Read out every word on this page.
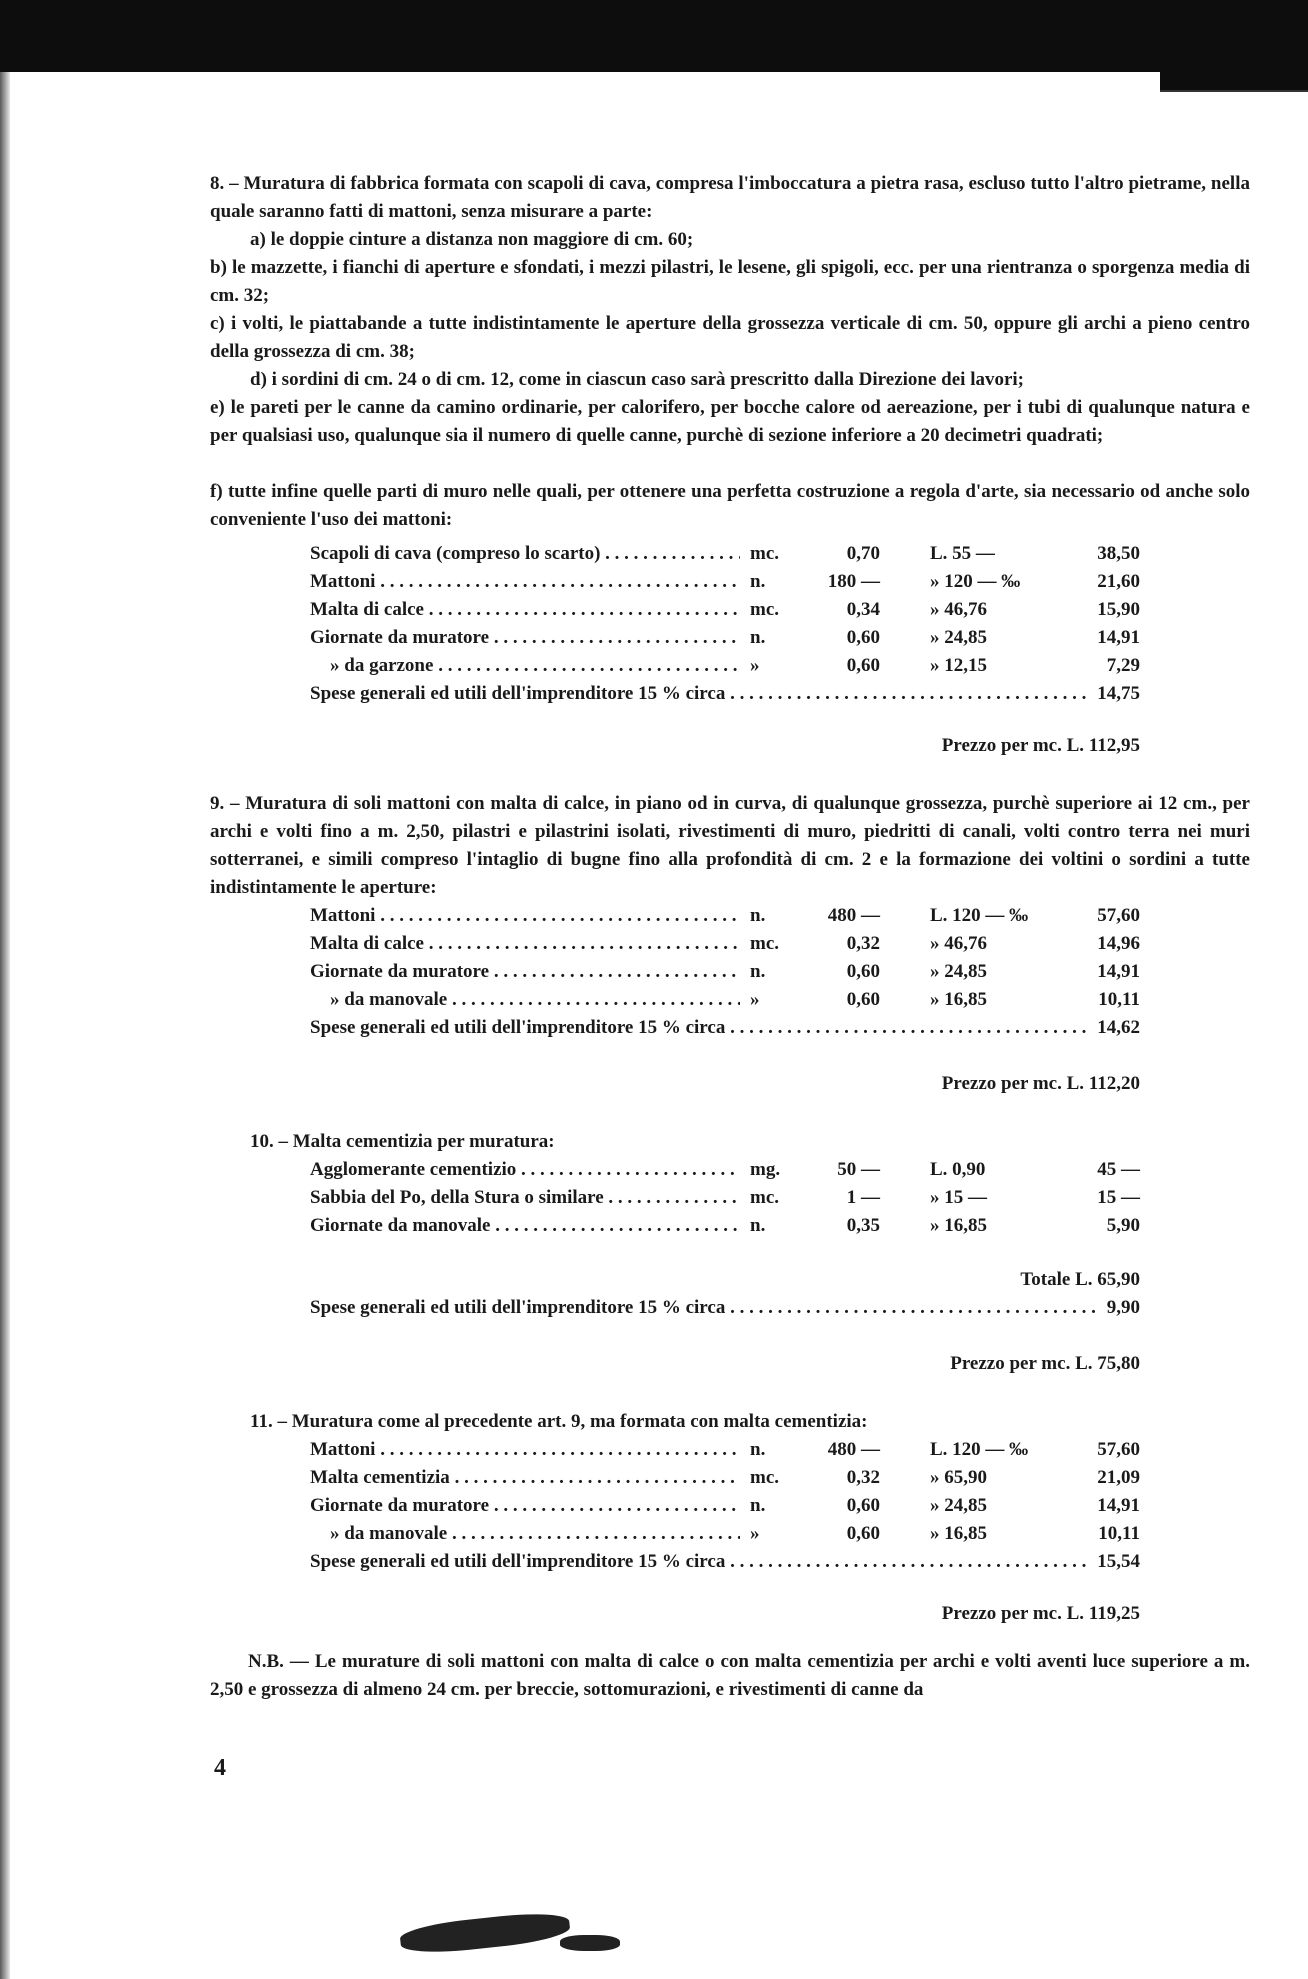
8. – Muratura di fabbrica formata con scapoli di cava, compresa l'imboccatura a pietra rasa, escluso tutto l'altro pietrame, nella quale saranno fatti di mattoni, senza misurare a parte:
a) le doppie cinture a distanza non maggiore di cm. 60;
b) le mazzette, i fianchi di aperture e sfondati, i mezzi pilastri, le lesene, gli spigoli, ecc. per una rientranza o sporgenza media di cm. 32;
c) i volti, le piattabande a tutte indistintamente le aperture della grossezza verticale di cm. 50, oppure gli archi a pieno centro della grossezza di cm. 38;
d) i sordini di cm. 24 o di cm. 12, come in ciascun caso sarà prescritto dalla Direzione dei lavori;
e) le pareti per le canne da camino ordinarie, per calorifero, per bocche calore od aereazione, per i tubi di qualunque natura e per qualsiasi uso, qualunque sia il numero di quelle canne, purchè di sezione inferiore a 20 decimetri quadrati;
f) tutte infine quelle parti di muro nelle quali, per ottenere una perfetta costruzione a regola d'arte, sia necessario od anche solo conveniente l'uso dei mattoni:
Scapoli di cava (compreso lo scarto) . . .	mc.	0,70	L. 55 —	38,50
Mattoni . . .	n.	180 —	» 120 — ‰	21,60
Malta di calce . . .	mc.	0,34	» 46,76	15,90
Giornate da muratore . . .	n.	0,60	» 24,85	14,91
» da garzone . . .	»	0,60	» 12,15	7,29
Spese generali ed utili dell'imprenditore 15 % circa	14,75
. . .
Prezzo per mc. L. 112,95
9. – Muratura di soli mattoni con malta di calce, in piano od in curva, di qualunque grossezza, purchè superiore ai 12 cm., per archi e volti fino a m. 2,50, pilastri e pilastrini isolati, rivestimenti di muro, piedritti di canali, volti contro terra nei muri sotterranei, e simili compreso l'intaglio di bugne fino alla profondità di cm. 2 e la formazione dei voltini o sordini a tutte indistintamente le aperture:
Mattoni . . .	n.	480 —	L. 120 — ‰	57,60
Malta di calce . . .	mc.	0,32	» 46,76	14,96
Giornate da muratore . . .	n.	0,60	» 24,85	14,91
» da manovale . . .	»	0,60	» 16,85	10,11
Spese generali ed utili dell'imprenditore 15 % circa	14,62
. . .
Prezzo per mc. L. 112,20
10. – Malta cementizia per muratura:
Agglomerante cementizio . . .	mg.	50 —	L. 0,90	45 —
Sabbia del Po, della Stura o similare . . .	mc.	1 —	» 15 —	15 —
Giornate da manovale . . .	n.	0,35	» 16,85	5,90
Totale L. 65,90
Spese generali ed utili dell'imprenditore 15 % circa	9,90
. . .
Prezzo per mc. L. 75,80
11. – Muratura come al precedente art. 9, ma formata con malta cementizia:
Mattoni . . .	n.	480 —	L. 120 — ‰	57,60
Malta cementizia . . .	mc.	0,32	» 65,90	21,09
Giornate da muratore . . .	n.	0,60	» 24,85	14,91
» da manovale . . .	»	0,60	» 16,85	10,11
Spese generali ed utili dell'imprenditore 15 % circa	15,54
. . .
Prezzo per mc. L. 119,25
N.B. — Le murature di soli mattoni con malta di calce o con malta cementizia per archi e volti aventi luce superiore a m. 2,50 e grossezza di almeno 24 cm. per breccie, sottomurazioni, e rivestimenti di canne da
4
